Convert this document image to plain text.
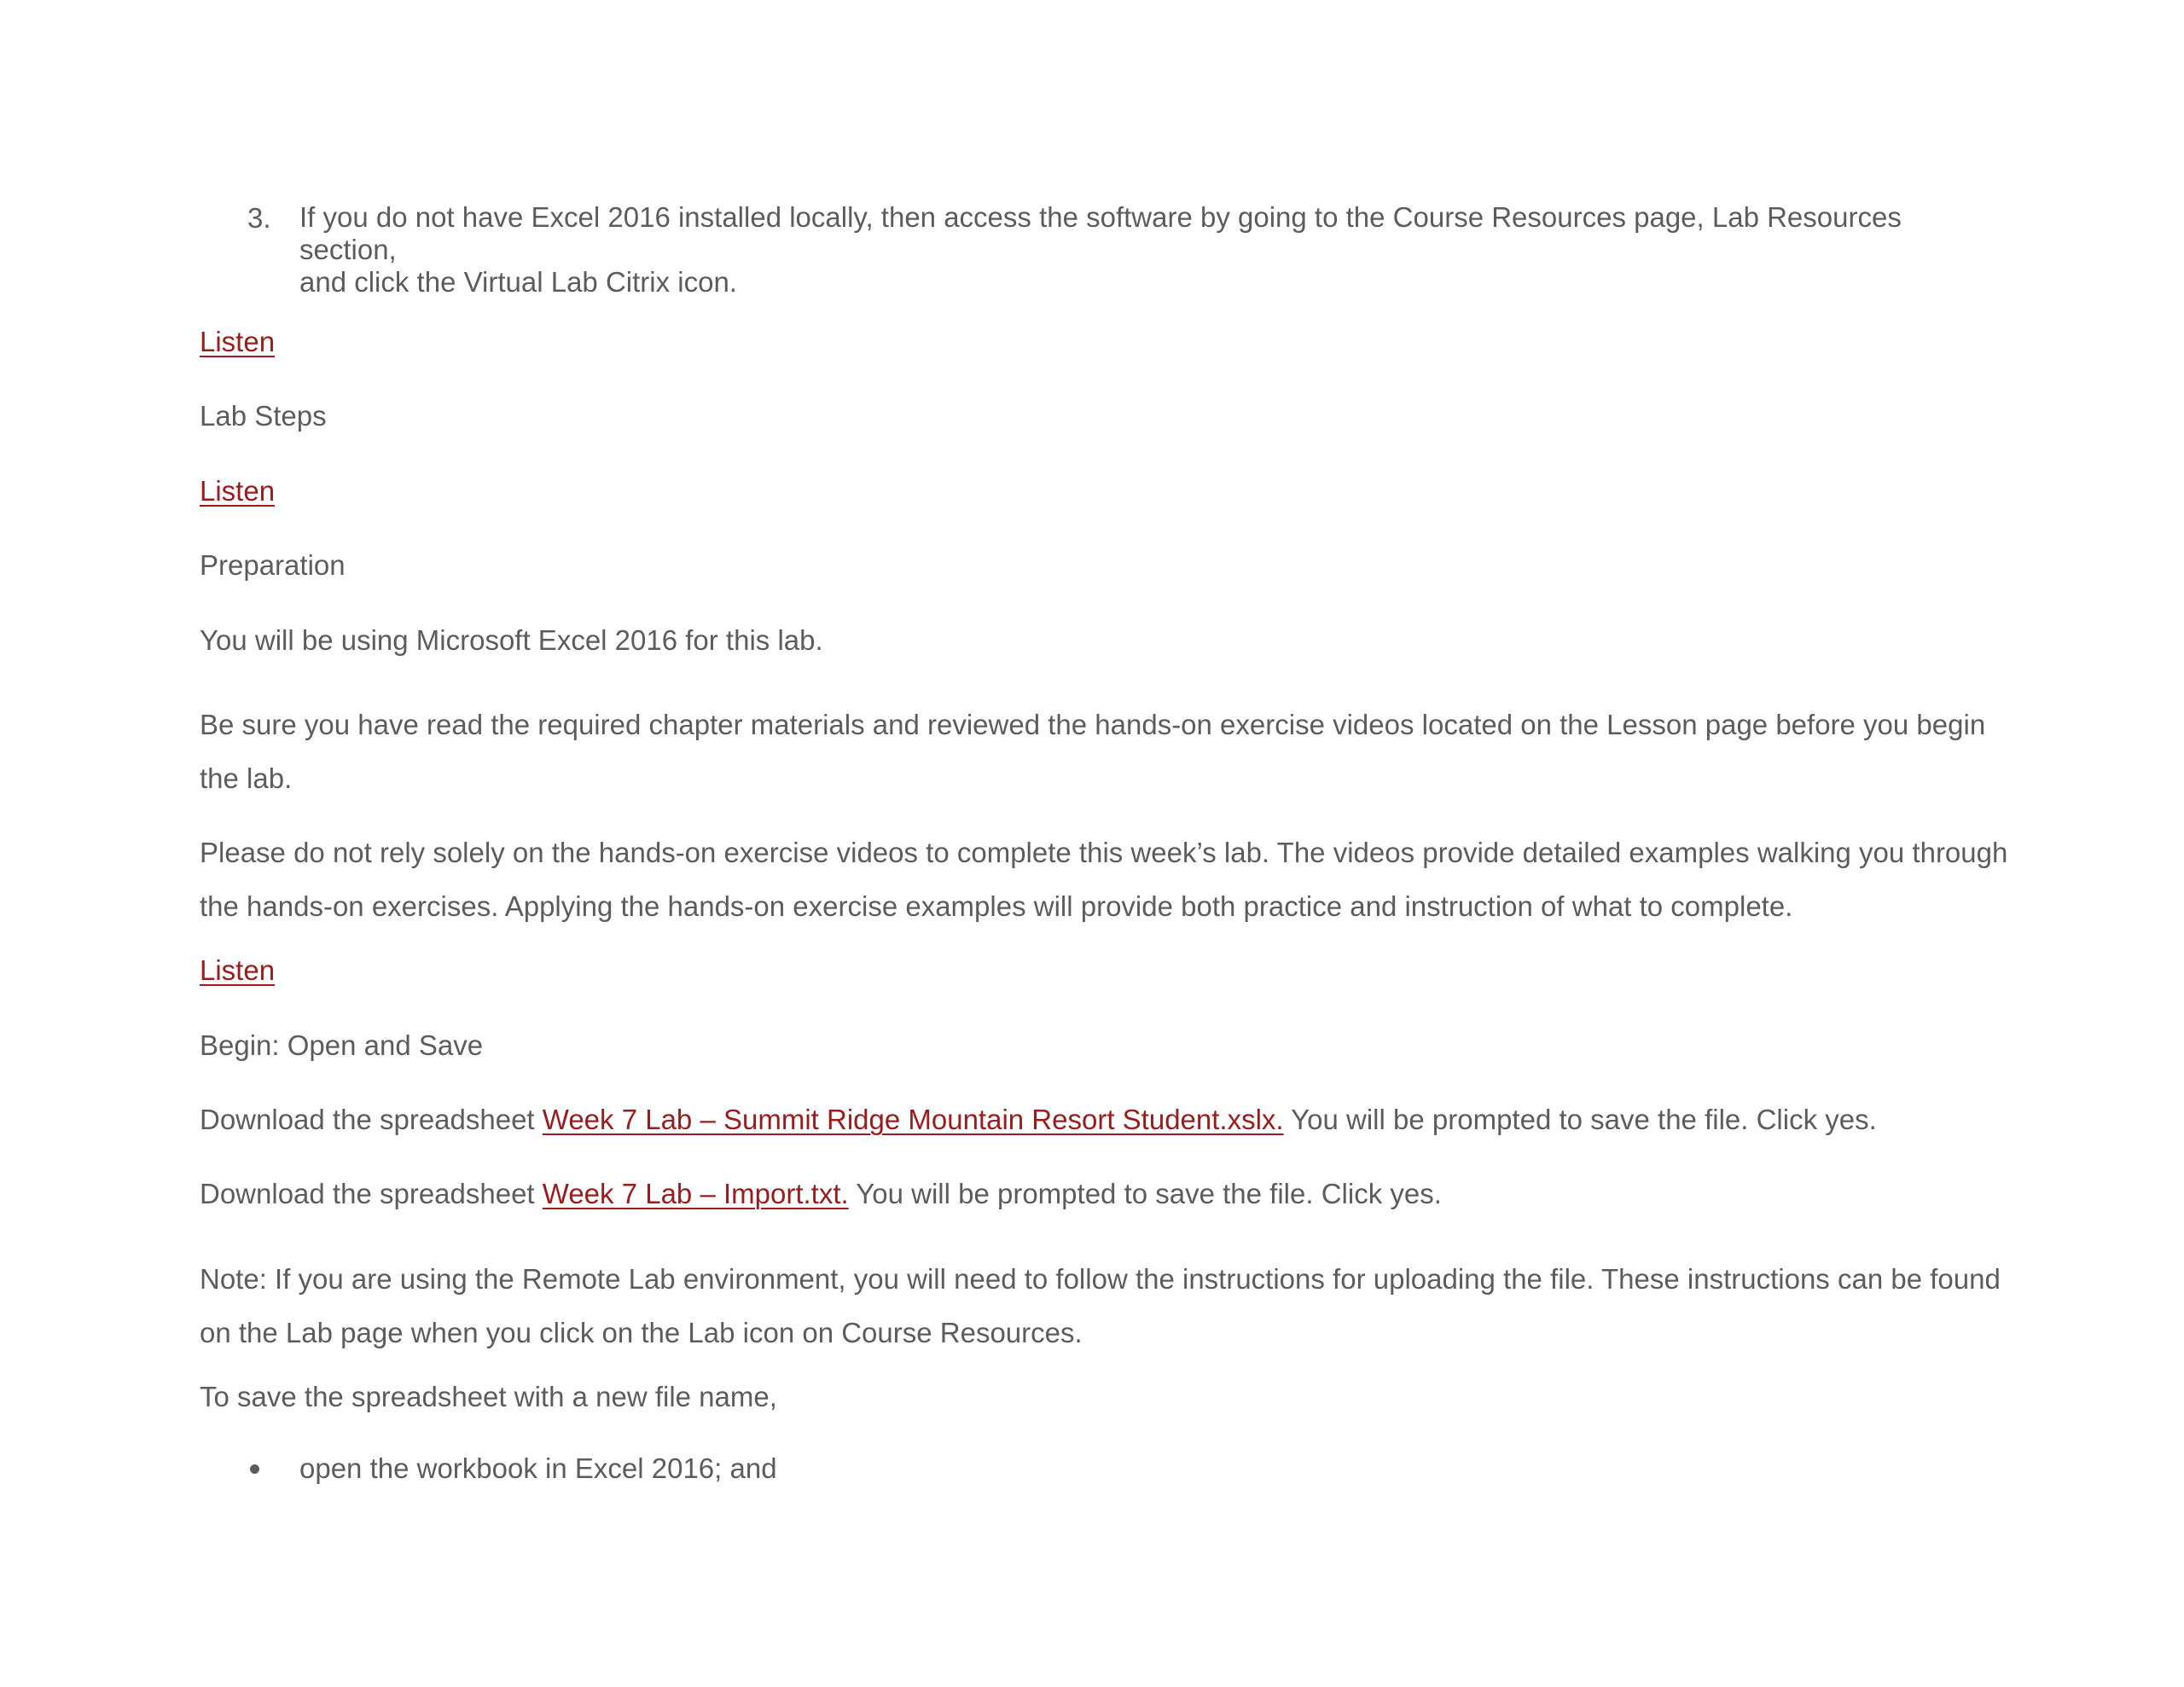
3. If you do not have Excel 2016 installed locally, then access the software by going to the Course Resources page, Lab Resources section,
and click the Virtual Lab Citrix icon.
Listen
Lab Steps
Listen
Preparation
You will be using Microsoft Excel 2016 for this lab.
Be sure you have read the required chapter materials and reviewed the hands-on exercise videos located on the Lesson page before you begin
the lab.
Please do not rely solely on the hands-on exercise videos to complete this week’s lab. The videos provide detailed examples walking you through
the hands-on exercises. Applying the hands-on exercise examples will provide both practice and instruction of what to complete.
Listen
Begin: Open and Save
Download the spreadsheet Week 7 Lab – Summit Ridge Mountain Resort Student.xslx. You will be prompted to save the file. Click yes.
Download the spreadsheet Week 7 Lab – Import.txt. You will be prompted to save the file. Click yes.
Note: If you are using the Remote Lab environment, you will need to follow the instructions for uploading the file. These instructions can be found
on the Lab page when you click on the Lab icon on Course Resources.
To save the spreadsheet with a new file name,
open the workbook in Excel 2016; and
